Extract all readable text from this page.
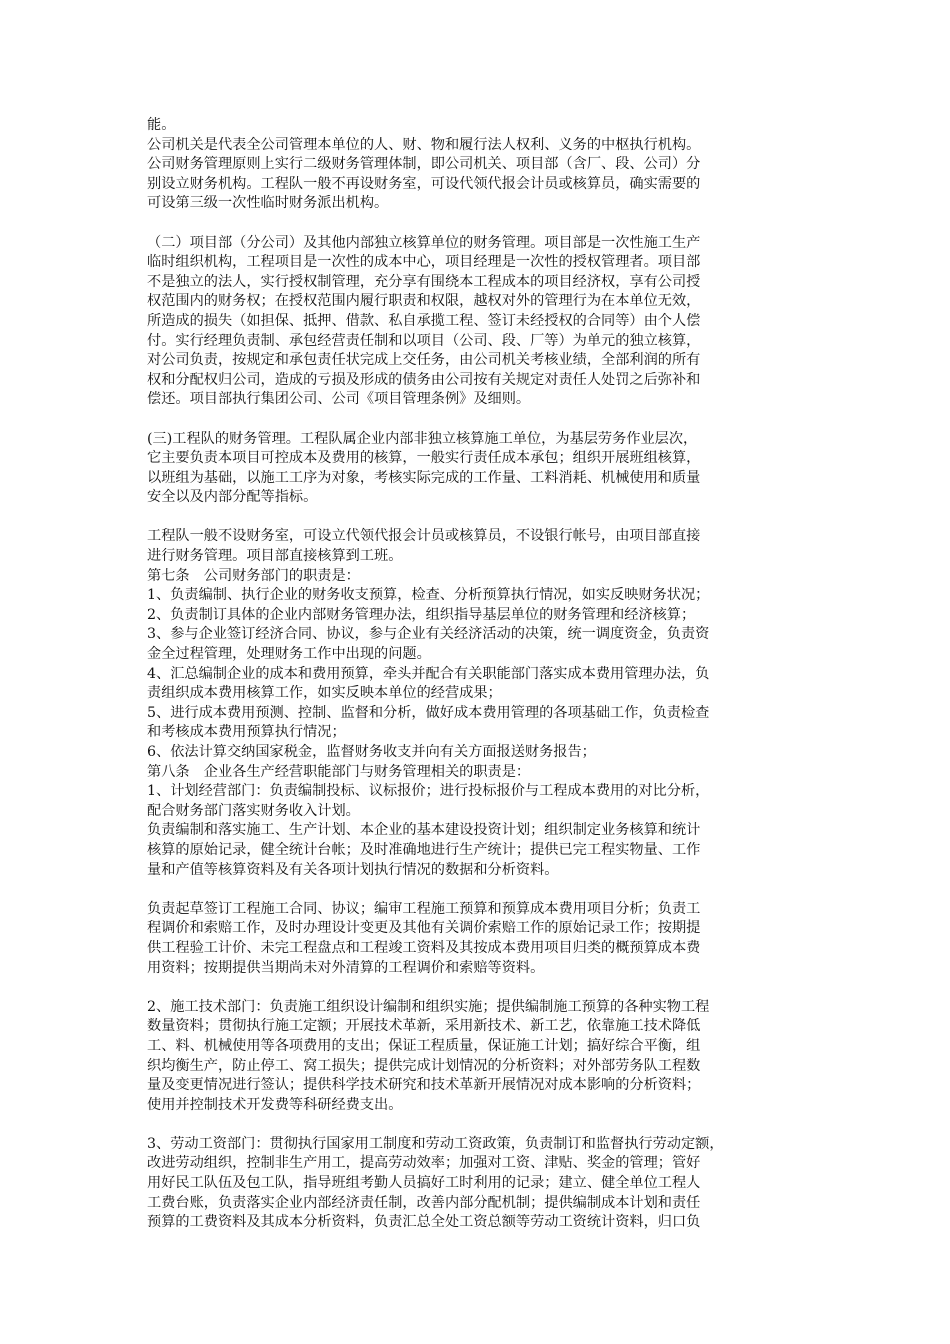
能。
公司机关是代表全公司管理本单位的人、财、物和履行法人权利、义务的中枢执行机构。
公司财务管理原则上实行二级财务管理体制，即公司机关、项目部（含厂、段、公司）分
别设立财务机构。工程队一般不再设财务室，可设代领代报会计员或核算员，确实需要的
可设第三级一次性临时财务派出机构。
（二）项目部（分公司）及其他内部独立核算单位的财务管理。项目部是一次性施工生产
临时组织机构，工程项目是一次性的成本中心，项目经理是一次性的授权管理者。项目部
不是独立的法人，实行授权制管理，充分享有围绕本工程成本的项目经济权，享有公司授
权范围内的财务权；在授权范围内履行职责和权限，越权对外的管理行为在本单位无效，
所造成的损失（如担保、抵押、借款、私自承揽工程、签订未经授权的合同等）由个人偿
付。实行经理负责制、承包经营责任制和以项目（公司、段、厂等）为单元的独立核算，
对公司负责，按规定和承包责任状完成上交任务，由公司机关考核业绩，全部利润的所有
权和分配权归公司，造成的亏损及形成的债务由公司按有关规定对责任人处罚之后弥补和
偿还。项目部执行集团公司、公司《项目管理条例》及细则。
(三)工程队的财务管理。工程队属企业内部非独立核算施工单位，为基层劳务作业层次，
它主要负责本项目可控成本及费用的核算，一般实行责任成本承包；组织开展班组核算，
以班组为基础，以施工工序为对象，考核实际完成的工作量、工料消耗、机械使用和质量
安全以及内部分配等指标。
工程队一般不设财务室，可设立代领代报会计员或核算员，不设银行帐号，由项目部直接
进行财务管理。项目部直接核算到工班。
第七条　公司财务部门的职责是：
1、负责编制、执行企业的财务收支预算，检查、分析预算执行情况，如实反映财务状况；
2、负责制订具体的企业内部财务管理办法，组织指导基层单位的财务管理和经济核算；
3、参与企业签订经济合同、协议，参与企业有关经济活动的决策，统一调度资金，负责资
金全过程管理，处理财务工作中出现的问题。
4、汇总编制企业的成本和费用预算，牵头并配合有关职能部门落实成本费用管理办法，负
责组织成本费用核算工作，如实反映本单位的经营成果；
5、进行成本费用预测、控制、监督和分析，做好成本费用管理的各项基础工作，负责检查
和考核成本费用预算执行情况；
6、依法计算交纳国家税金，监督财务收支并向有关方面报送财务报告；
第八条　企业各生产经营职能部门与财务管理相关的职责是：
1、计划经营部门：负责编制投标、议标报价；进行投标报价与工程成本费用的对比分析，
配合财务部门落实财务收入计划。
负责编制和落实施工、生产计划、本企业的基本建设投资计划；组织制定业务核算和统计
核算的原始记录，健全统计台帐；及时准确地进行生产统计；提供已完工程实物量、工作
量和产值等核算资料及有关各项计划执行情况的数据和分析资料。
负责起草签订工程施工合同、协议；编审工程施工预算和预算成本费用项目分析；负责工
程调价和索赔工作，及时办理设计变更及其他有关调价索赔工作的原始记录工作；按期提
供工程验工计价、未完工程盘点和工程竣工资料及其按成本费用项目归类的概预算成本费
用资料；按期提供当期尚未对外清算的工程调价和索赔等资料。
2、施工技术部门：负责施工组织设计编制和组织实施；提供编制施工预算的各种实物工程
数量资料；贯彻执行施工定额；开展技术革新，采用新技术、新工艺，依靠施工技术降低
工、料、机械使用等各项费用的支出；保证工程质量，保证施工计划；搞好综合平衡，组
织均衡生产，防止停工、窝工损失；提供完成计划情况的分析资料；对外部劳务队工程数
量及变更情况进行签认；提供科学技术研究和技术革新开展情况对成本影响的分析资料；
使用并控制技术开发费等科研经费支出。
3、劳动工资部门：贯彻执行国家用工制度和劳动工资政策，负责制订和监督执行劳动定额，
改进劳动组织，控制非生产用工，提高劳动效率；加强对工资、津贴、奖金的管理；管好
用好民工队伍及包工队，指导班组考勤人员搞好工时利用的记录；建立、健全单位工程人
工费台账，负责落实企业内部经济责任制，改善内部分配机制；提供编制成本计划和责任
预算的工费资料及其成本分析资料，负责汇总全处工资总额等劳动工资统计资料，归口负
